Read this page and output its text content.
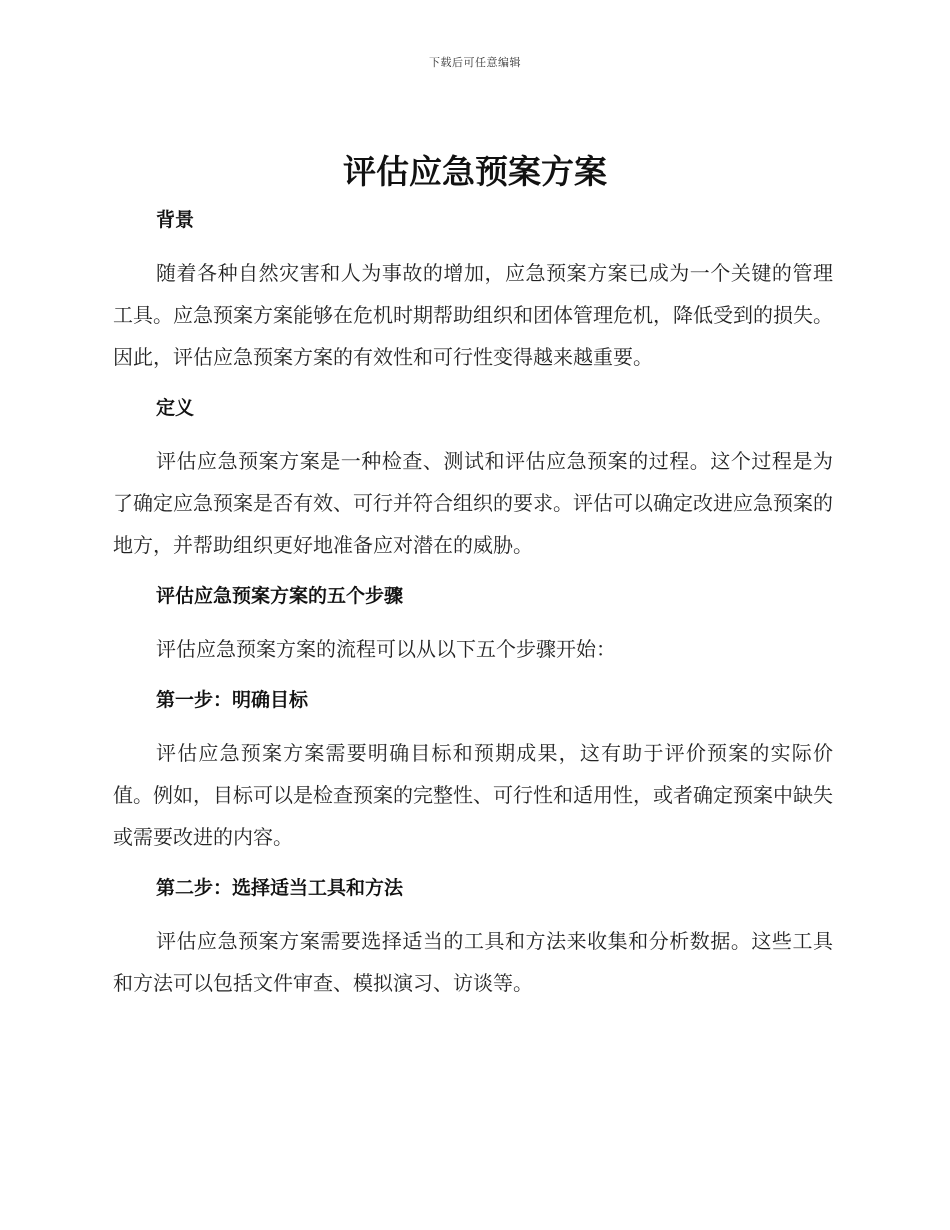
下载后可任意编辑
评估应急预案方案
背景

随着各种自然灾害和人为事故的增加，应急预案方案已成为一个关键的管理工具。应急预案方案能够在危机时期帮助组织和团体管理危机，降低受到的损失。因此，评估应急预案方案的有效性和可行性变得越来越重要。

定义

评估应急预案方案是一种检查、测试和评估应急预案的过程。这个过程是为了确定应急预案是否有效、可行并符合组织的要求。评估可以确定改进应急预案的地方，并帮助组织更好地准备应对潜在的威胁。

评估应急预案方案的五个步骤

评估应急预案方案的流程可以从以下五个步骤开始：

第一步：明确目标

评估应急预案方案需要明确目标和预期成果，这有助于评价预案的实际价值。例如，目标可以是检查预案的完整性、可行性和适用性，或者确定预案中缺失或需要改进的内容。

第二步：选择适当工具和方法

评估应急预案方案需要选择适当的工具和方法来收集和分析数据。这些工具和方法可以包括文件审查、模拟演习、访谈等。
